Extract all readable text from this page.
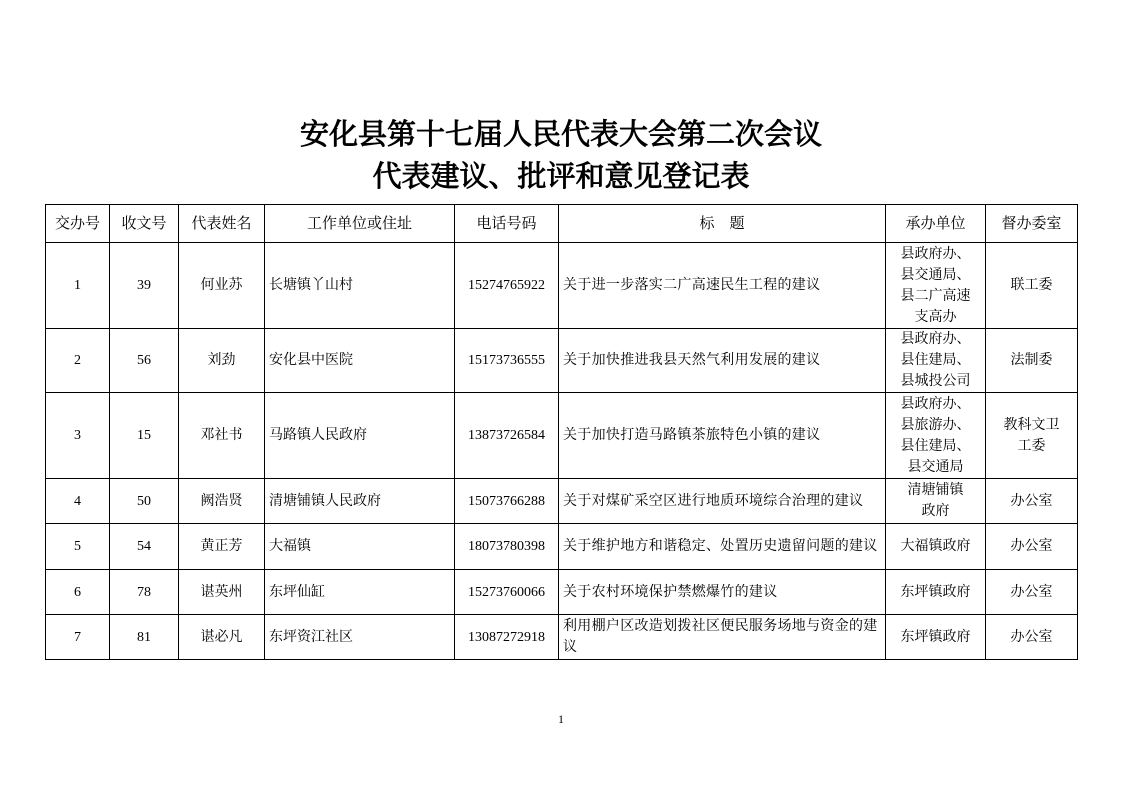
安化县第十七届人民代表大会第二次会议
代表建议、批评和意见登记表
交办号	收文号	代表姓名	工作单位或住址	电话号码	标　题	承办单位	督办委室
1	39	何业苏	长塘镇丫山村	15274765922	关于进一步落实二广高速民生工程的建议	县政府办、
县交通局、
县二广高速
支高办	联工委
2	56	刘劲	安化县中医院	15173736555	关于加快推进我县天然气利用发展的建议	县政府办、
县住建局、
县城投公司	法制委
3	15	邓社书	马路镇人民政府	13873726584	关于加快打造马路镇茶旅特色小镇的建议	县政府办、
县旅游办、
县住建局、
县交通局	教科文卫工委
4	50	阙浩贤	清塘铺镇人民政府	15073766288	关于对煤矿采空区进行地质环境综合治理的建议	清塘铺镇
政府	办公室
5	54	黄正芳	大福镇	18073780398	关于维护地方和谐稳定、处置历史遗留问题的建议	大福镇政府	办公室
6	78	谌英州	东坪仙缸	15273760066	关于农村环境保护禁燃爆竹的建议	东坪镇政府	办公室
7	81	谌必凡	东坪资江社区	13087272918	利用棚户区改造划拨社区便民服务场地与资金的建议	东坪镇政府	办公室
1
